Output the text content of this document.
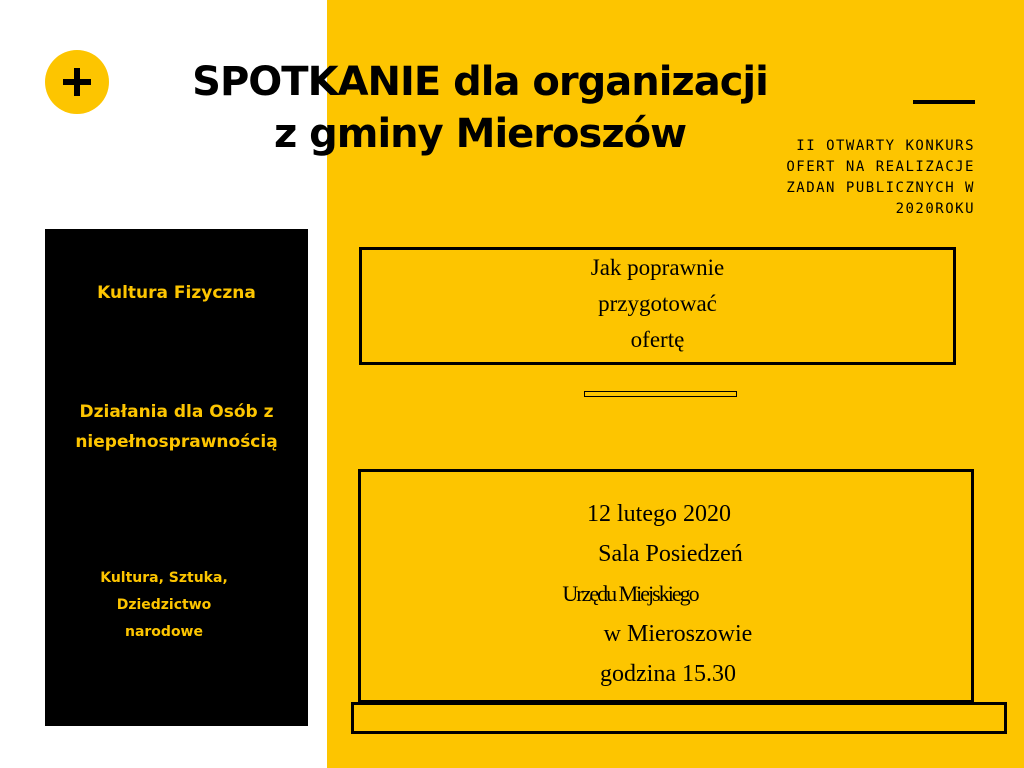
SPOTKANIE dla organizacji
z gminy Mieroszów	II OTWARTY KONKURS
OFERT NA REALIZACJE
ZADAN PUBLICZNYCH W
2020ROKU
Kultura Fizyczna
Działania dla Osób z
niepełnosprawnością
Kultura, Sztuka,
Dziedzictwo
narodowe
Jak poprawnie
przygotować
ofertę
12 lutego 2020
Sala Posiedzeń
Urzędu Miejskiego
w Mieroszowie
godzina 15.30
